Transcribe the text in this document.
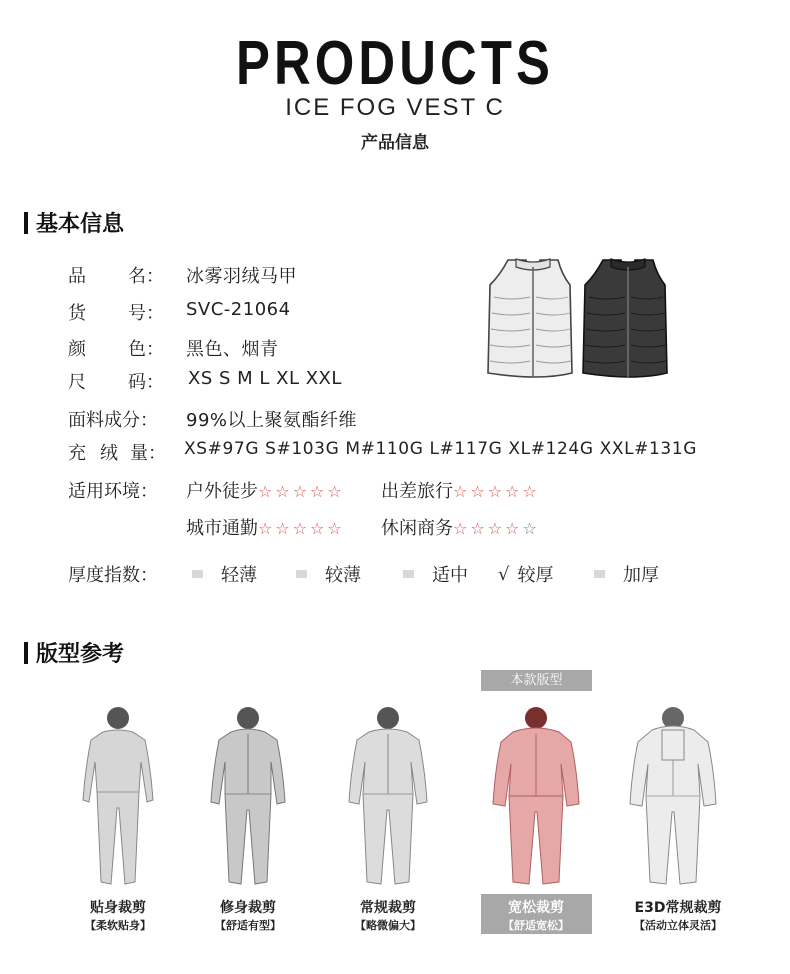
PRODUCTS
ICE FOG VEST C
产品信息
基本信息
品 名： 冰雾羽绒马甲
货 号： SVC-21064
颜 色： 黑色、烟青
尺 码： XS S M L XL XXL
面料成分： 99%以上聚氨酯纤维
充 绒 量： XS#97G S#103G M#110G L#117G XL#124G XXL#131G
适用环境： 户外徒步☆☆☆☆☆ 出差旅行☆☆☆☆☆
城市通勤☆☆☆☆☆ 休闲商务☆☆☆☆☆
厚度指数：	轻薄	较薄	适中 √ 较厚	加厚
版型参考
本款版型
贴身裁剪
【柔软贴身】
修身裁剪
【舒适有型】
常规裁剪
【略微偏大】
宽松裁剪
【舒适宽松】
E3D常规裁剪
【活动立体灵活】
